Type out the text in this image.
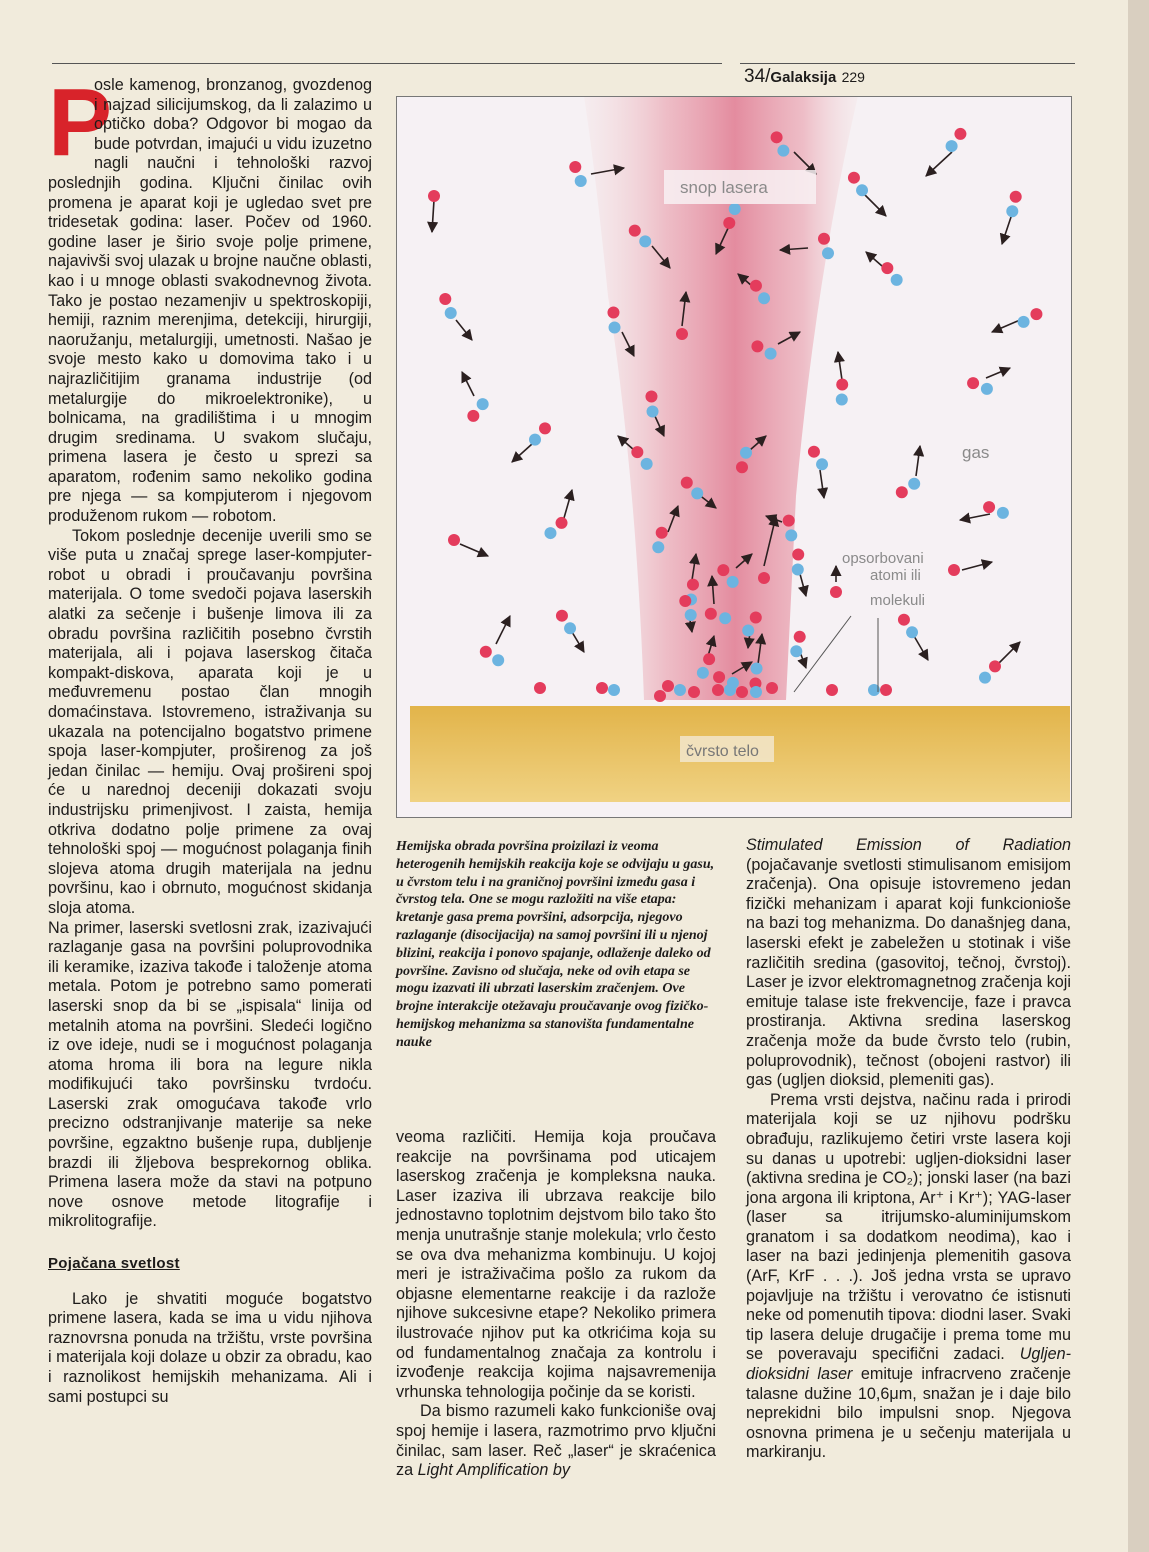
34/Galaksija 229

P
osle kamenog, bronzanog, gvozdenog i najzad silicijumskog, da li zalazimo u optičko doba? Odgovor bi mogao da bude potvrdan, imajući u vidu izuzetno nagli naučni i tehnološki razvoj poslednjih godina. Ključni činilac ovih promena je aparat koji je ugledao svet pre tridesetak godina: laser. Počev od 1960. godine laser je širio svoje polje primene, najavivši svoj ulazak u brojne naučne oblasti, kao i u mnoge oblasti svakodnevnog života. Tako je postao nezamenjiv u spektroskopiji, hemiji, raznim merenjima, detekciji, hirurgiji, naoružanju, metalurgiji, umetnosti. Našao je svoje mesto kako u domovima tako i u najrazličitijim granama industrije (od metalurgije do mikroelektronike), u bolnicama, na gradilištima i u mnogim drugim sredinama. U svakom slučaju, primena lasera je često u sprezi sa aparatom, rođenim samo nekoliko godina pre njega — sa kompjuterom i njegovom produženom rukom — robotom.

Tokom poslednje decenije uverili smo se više puta u značaj sprege laser-kompjuter-robot u obradi i proučavanju površina materijala. O tome svedoči pojava laserskih alatki za sečenje i bušenje limova ili za obradu površina različitih posebno čvrstih materijala, ali i pojava laserskog čitača kompakt-diskova, aparata koji je u međuvremenu postao član mnogih domaćinstava. Istovremeno, istraživanja su ukazala na potencijalno bogatstvo primene spoja laser-kompjuter, proširenog za još jedan činilac — hemiju. Ovaj prošireni spoj će u narednoj deceniji dokazati svoju industrijsku primenjivost. I zaista, hemija otkriva dodatno polje primene za ovaj tehnološki spoj — mogućnost polaganja finih slojeva atoma drugih materijala na jednu površinu, kao i obrnuto, mogućnost skidanja sloja atoma.

Na primer, laserski svetlosni zrak, izazivajući razlaganje gasa na površini poluprovodnika ili keramike, izaziva takođe i taloženje atoma metala. Potom je potrebno samo pomerati laserski snop da bi se „ispisala“ linija od metalnih atoma na površini. Sledeći logično iz ove ideje, nudi se i mogućnost polaganja atoma hroma ili bora na legure nikla modifikujući tako površinsku tvrdoću. Laserski zrak omogućava takođe vrlo precizno odstranjivanje materije sa neke površine, egzaktno bušenje rupa, dubljenje brazdi ili žljebova besprekornog oblika. Primena lasera može da stavi na potpuno nove osnove metode litografije i mikrolitografije.

Pojačana svetlost

Lako je shvatiti moguće bogatstvo primene lasera, kada se ima u vidu njihova raznovrsna ponuda na tržištu, vrste površina i materijala koji dolaze u obzir za obradu, kao i raznolikost hemijskih mehanizama. Ali i sami postupci su

snop lasera
gas
opsorbovani
atomi ili
molekuli
čvrsto telo
Hemijska obrada površina proizilazi iz veoma heterogenih hemijskih reakcija koje se odvijaju u gasu, u čvrstom telu i na graničnoj površini između gasa i čvrstog tela. One se mogu razložiti na više etapa: kretanje gasa prema površini, adsorpcija, njegovo razlaganje (disocijacija) na samoj površini ili u njenoj blizini, reakcija i ponovo spajanje, odlaženje daleko od površine. Zavisno od slučaja, neke od ovih etapa se mogu izazvati ili ubrzati laserskim zračenjem. Ove brojne interakcije otežavaju proučavanje ovog fizičko-hemijskog mehanizma sa stanovišta fundamentalne nauke

veoma različiti. Hemija koja proučava reakcije na površinama pod uticajem laserskog zračenja je kompleksna nauka. Laser izaziva ili ubrzava reakcije bilo jednostavno toplotnim dejstvom bilo tako što menja unutrašnje stanje molekula; vrlo često se ova dva mehanizma kombinuju. U kojoj meri je istraživačima pošlo za rukom da objasne elementarne reakcije i da razlože njihove sukcesivne etape? Nekoliko primera ilustrovaće njihov put ka otkrićima koja su od fundamentalnog značaja za kontrolu i izvođenje reakcija kojima najsavremenija vrhunska tehnologija počinje da se koristi.

Da bismo razumeli kako funkcioniše ovaj spoj hemije i lasera, razmotrimo prvo ključni činilac, sam laser. Reč „laser“ je skraćenica za Light Amplification by

Stimulated Emission of Radiation (pojačavanje svetlosti stimulisanom emisijom zračenja). Ona opisuje istovremeno jedan fizički mehanizam i aparat koji funkcionioše na bazi tog mehanizma. Do današnjeg dana, laserski efekt je zabeležen u stotinak i više različitih sredina (gasovitoj, tečnoj, čvrstoj). Laser je izvor elektromagnetnog zračenja koji emituje talase iste frekvencije, faze i pravca prostiranja. Aktivna sredina laserskog zračenja može da bude čvrsto telo (rubin, poluprovodnik), tečnost (obojeni rastvor) ili gas (ugljen dioksid, plemeniti gas).

Prema vrsti dejstva, načinu rada i prirodi materijala koji se uz njihovu podršku obrađuju, razlikujemo četiri vrste lasera koji su danas u upotrebi: ugljen-dioksidni laser (aktivna sredina je CO₂); jonski laser (na bazi jona argona ili kriptona, Ar⁺ i Kr⁺); YAG-laser (laser sa itrijumsko-aluminijumskom granatom i sa dodatkom neodima), kao i laser na bazi jedinjenja plemenitih gasova (ArF, KrF . . .). Još jedna vrsta se upravo pojavljuje na tržištu i verovatno će istisnuti neke od pomenutih tipova: diodni laser. Svaki tip lasera deluje drugačije i prema tome mu se poveravaju specifični zadaci. Ugljen-dioksidni laser emituje infracrveno zračenje talasne dužine 10,6μm, snažan je i daje bilo neprekidni bilo impulsni snop. Njegova osnovna primena je u sečenju materijala u markiranju.
